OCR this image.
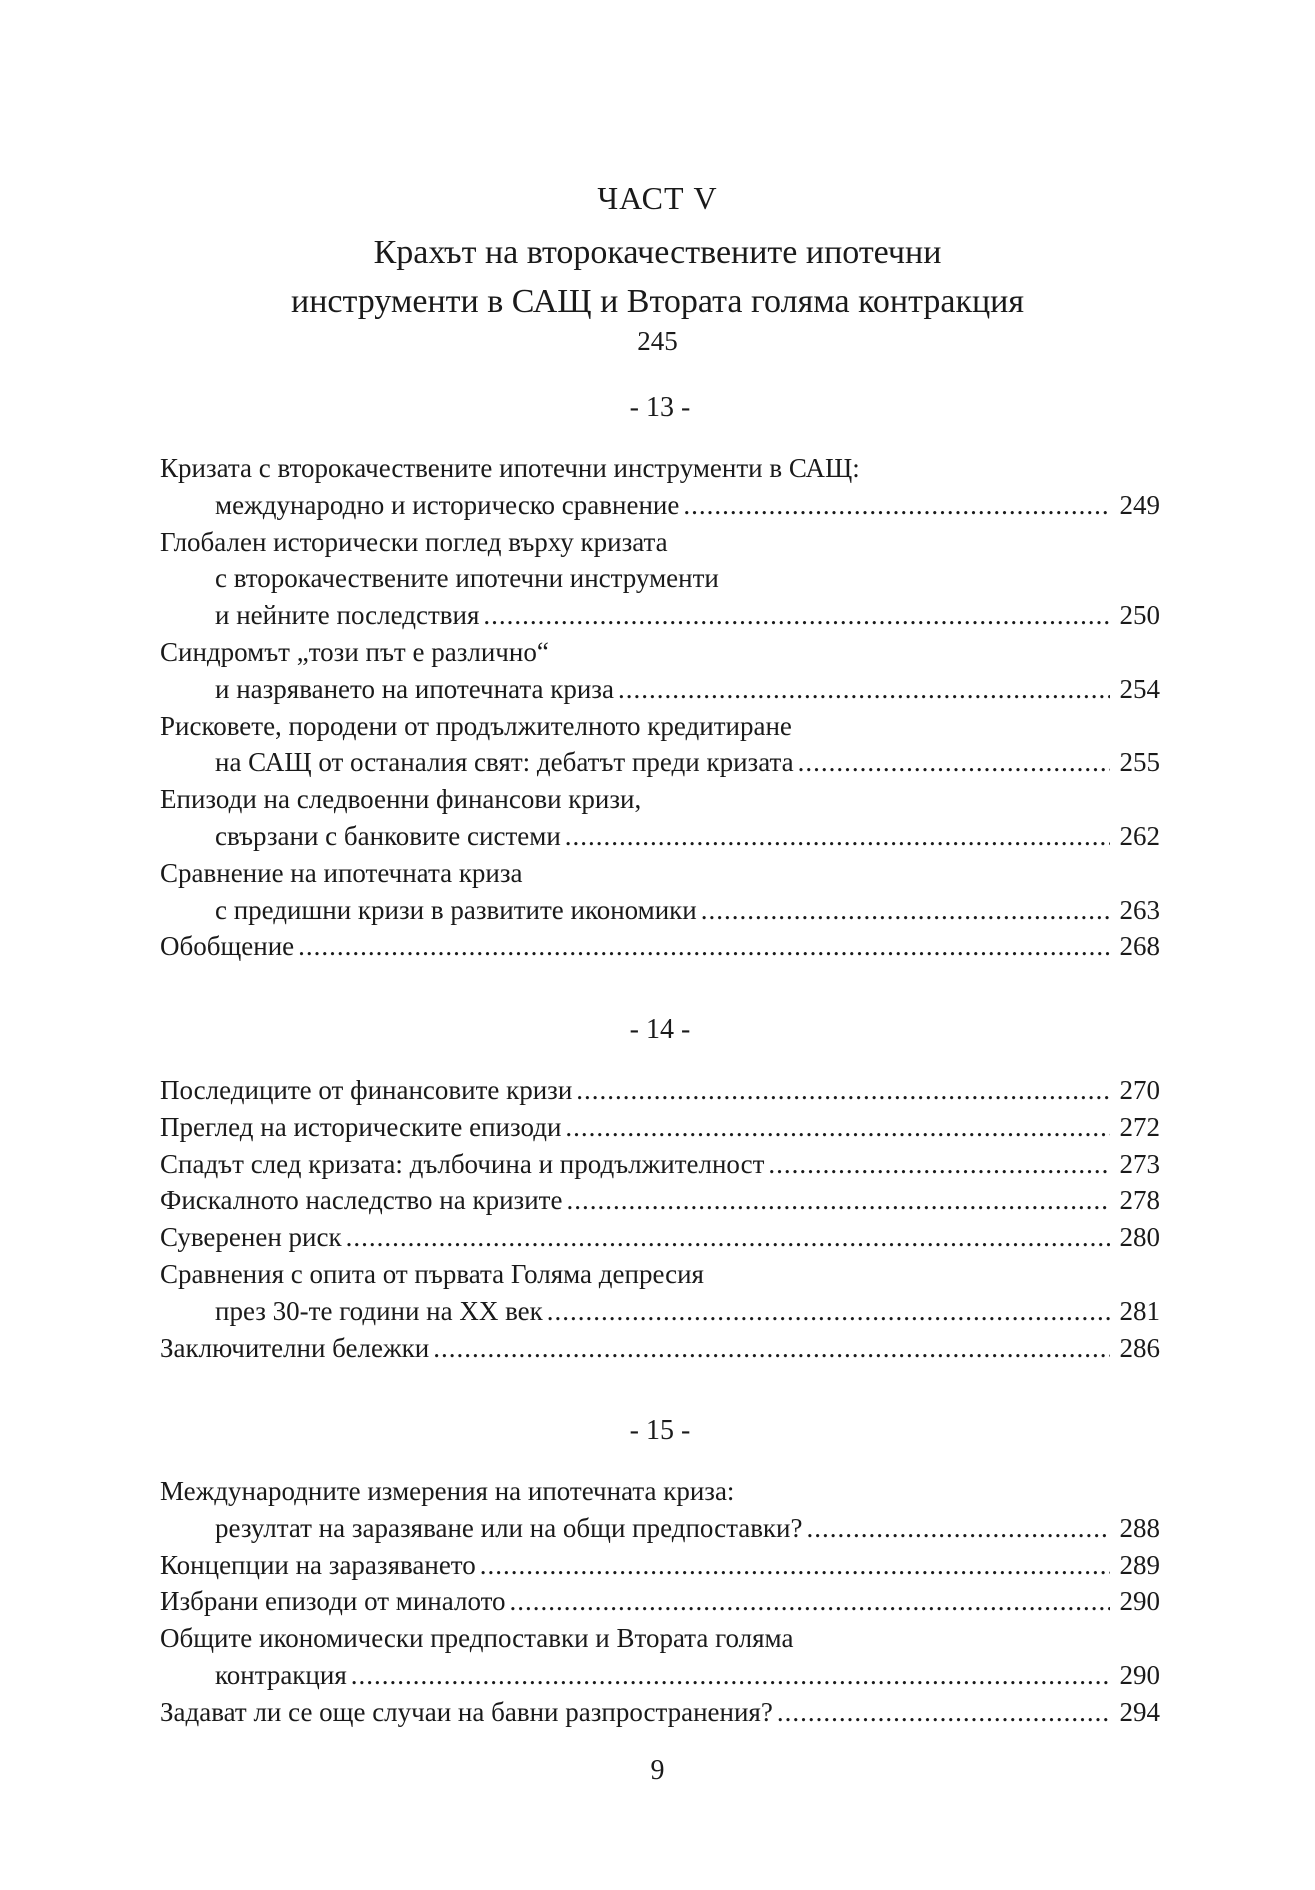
ЧАСТ V
Крахът на второкачествените ипотечни
инструменти в САЩ и Втората голяма контракция
245
- 13 -
Кризата с второкачествените ипотечни инструменти в САЩ:
международно и историческо сравнение .....	249
Глобален исторически поглед върху кризата
с второкачествените ипотечни инструменти
и нейните последствия .....	250
Синдромът „този път е различно“
и назряването на ипотечната криза .....	254
Рисковете, породени от продължителното кредитиране
на САЩ от останалия свят: дебатът преди кризата .....	255
Епизоди на следвоенни финансови кризи,
свързани с банковите системи .....	262
Сравнение на ипотечната криза
с предишни кризи в развитите икономики .....	263
Обобщение .....	268
- 14 -
Последиците от финансовите кризи .....	270
Преглед на историческите епизоди .....	272
Спадът след кризата: дълбочина и продължителност .....	273
Фискалното наследство на кризите .....	278
Суверенен риск .....	280
Сравнения с опита от първата Голяма депресия
през 30-те години на XX век .....	281
Заключителни бележки .....	286
- 15 -
Международните измерения на ипотечната криза:
резултат на заразяване или на общи предпоставки? .....	288
Концепции на заразяването .....	289
Избрани епизоди от миналото .....	290
Общите икономически предпоставки и Втората голяма
контракция .....	290
Задават ли се още случаи на бавни разпространения? .....	294
9
